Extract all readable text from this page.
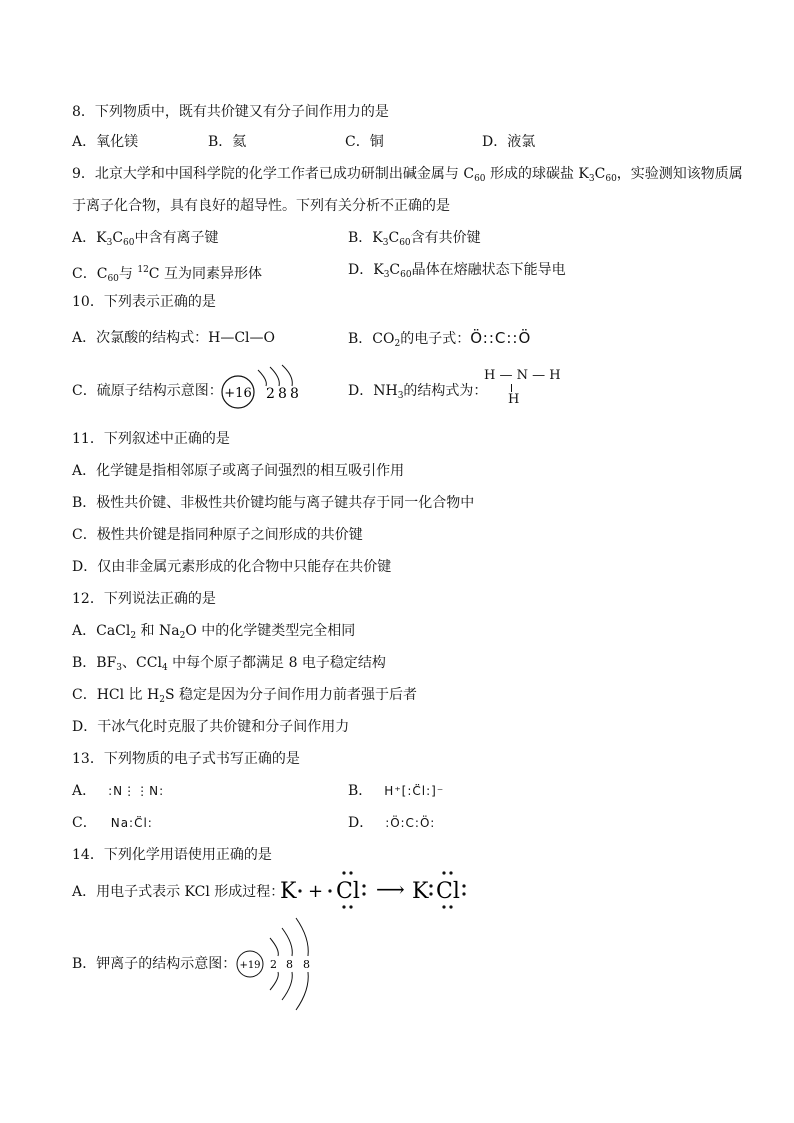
8．下列物质中，既有共价键又有分子间作用力的是
A．氧化镁	B．氦	C．铜	D．液氯
9．北京大学和中国科学院的化学工作者已成功研制出碱金属与 $C_{60}$ 形成的球碳盐 $K_3C_{60}$，实验测知该物质属
于离子化合物，具有良好的超导性。下列有关分析不正确的是
A．$K_3C_{60}$中含有离子键	B．$K_3C_{60}$含有共价键
C．$C_{60}$与 $^{12}$C 互为同素异形体	D．$K_3C_{60}$晶体在熔融状态下能导电
10．下列表示正确的是
A．次氯酸的结构式：H—Cl—O	B．$CO_2$的电子式：Ö::C::Ö
C．硫原子结构示意图： +16 2 8 8	D．$NH_3$的结构式为：
H — N — H
H
11．下列叙述中正确的是
A．化学键是指相邻原子或离子间强烈的相互吸引作用
B．极性共价键、非极性共价键均能与离子键共存于同一化合物中
C．极性共价键是指同种原子之间形成的共价键
D．仅由非金属元素形成的化合物中只能存在共价键
12．下列说法正确的是
A．CaCl$_2$ 和 $Na_2O$ 中的化学键类型完全相同
B．$BF_3$、CCl$_4$ 中每个原子都满足 8 电子稳定结构
C．HCl 比 $H_2S$ 稳定是因为分子间作用力前者强于后者
D．干冰气化时克服了共价键和分子间作用力
13．下列物质的电子式书写正确的是
A． :N⋮⋮N:	B． H⁺[:C̈l:]⁻
C． Na:C̈l:	D． :Ö:C:Ö:
14．下列化学用语使用正确的是
A．用电子式表示 KCl 形成过程：
K + Cl ⟶ K Cl
B．钾离子的结构示意图： +19 2 8 8
